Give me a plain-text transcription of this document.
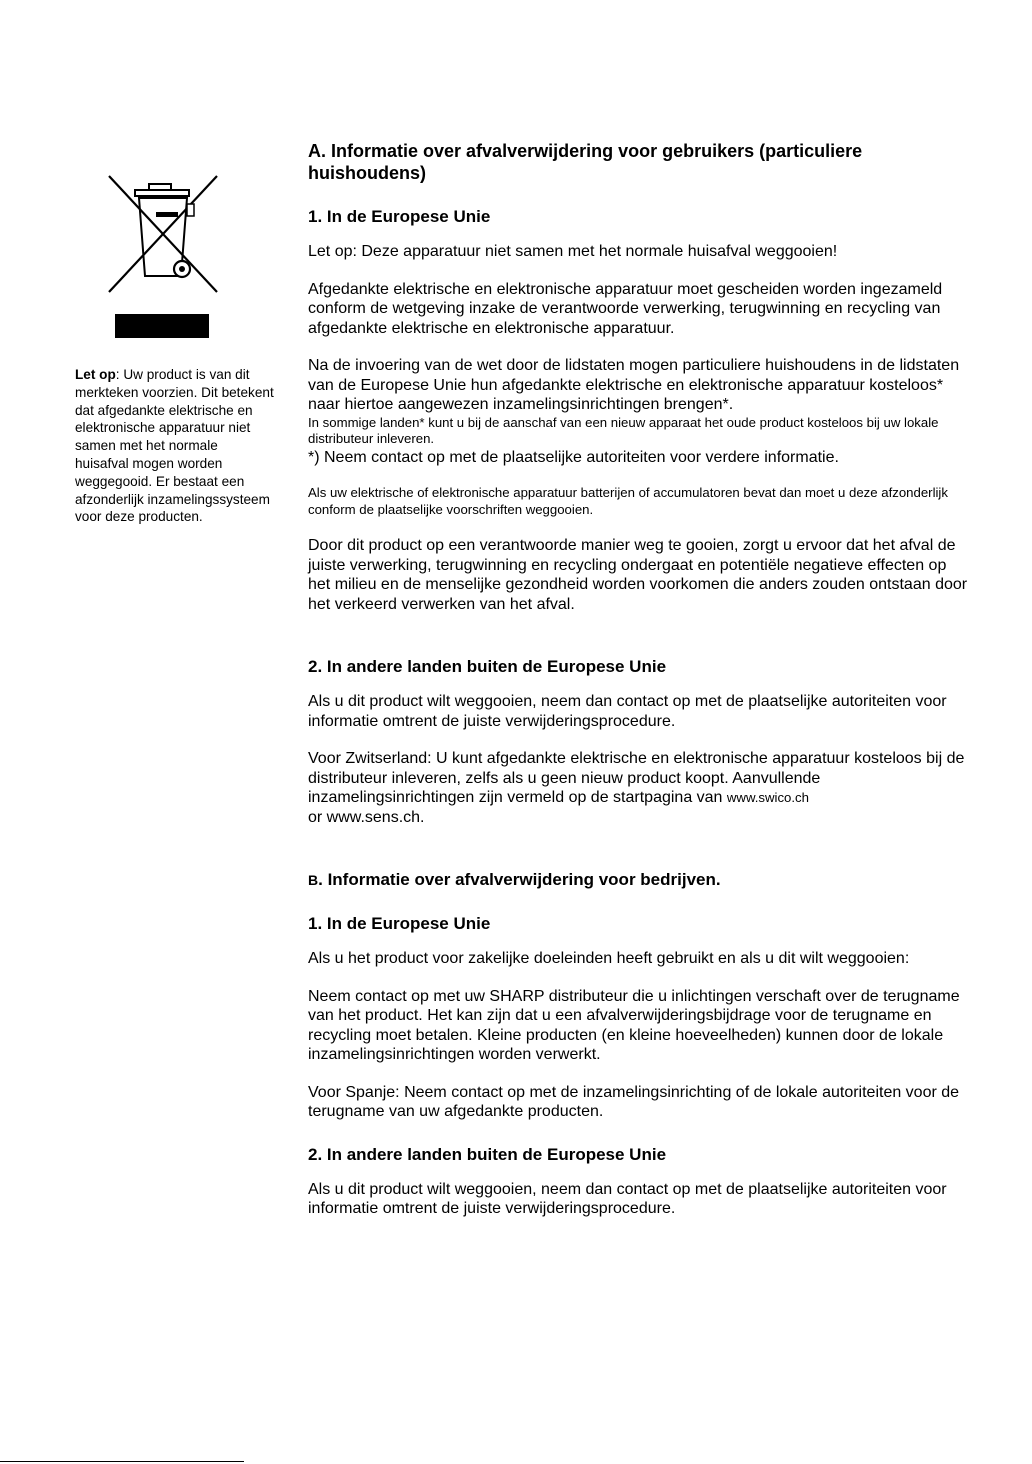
Let op: Uw product is van dit merkteken voorzien. Dit betekent dat afgedankte elektrische en elektronische apparatuur niet samen met het normale huisafval mogen worden weggegooid. Er bestaat een afzonderlijk inzamelingssysteem voor deze producten.
A. Informatie over afvalverwijdering voor gebruikers (particuliere huishoudens)
1. In de Europese Unie

Let op: Deze apparatuur niet samen met het normale huisafval weggooien!

Afgedankte elektrische en elektronische apparatuur moet gescheiden worden ingezameld conform de wetgeving inzake de verantwoorde verwerking, terugwinning en recycling van afgedankte elektrische en elektronische apparatuur.

Na de invoering van de wet door de lidstaten mogen particuliere huishoudens in de lidstaten van de Europese Unie hun afgedankte elektrische en elektronische apparatuur kosteloos* naar hiertoe aangewezen inzamelingsinrichtingen brengen*.

In sommige landen* kunt u bij de aanschaf van een nieuw apparaat het oude product kosteloos bij uw lokale distributeur inleveren.

*) Neem contact op met de plaatselijke autoriteiten voor verdere informatie.

Als uw elektrische of elektronische apparatuur batterijen of accumulatoren bevat dan moet u deze afzonderlijk conform de plaatselijke voorschriften weggooien.

Door dit product op een verantwoorde manier weg te gooien, zorgt u ervoor dat het afval de juiste verwerking, terugwinning en recycling ondergaat en potentiële negatieve effecten op het milieu en de menselijke gezondheid worden voorkomen die anders zouden ontstaan door het verkeerd verwerken van het afval.

2. In andere landen buiten de Europese Unie

Als u dit product wilt weggooien, neem dan contact op met de plaatselijke autoriteiten voor informatie omtrent de juiste verwijderingsprocedure.

Voor Zwitserland: U kunt afgedankte elektrische en elektronische apparatuur kosteloos bij de distributeur inleveren, zelfs als u geen nieuw product koopt. Aanvullende inzamelingsinrichtingen zijn vermeld op de startpagina van www.swico.ch
or www.sens.ch.

B. Informatie over afvalverwijdering voor bedrijven.
1. In de Europese Unie

Als u het product voor zakelijke doeleinden heeft gebruikt en als u dit wilt weggooien:

Neem contact op met uw SHARP distributeur die u inlichtingen verschaft over de terugname van het product. Het kan zijn dat u een afvalverwijderingsbijdrage voor de terugname en recycling moet betalen. Kleine producten (en kleine hoeveelheden) kunnen door de lokale inzamelingsinrichtingen worden verwerkt.

Voor Spanje: Neem contact op met de inzamelingsinrichting of de lokale autoriteiten voor de terugname van uw afgedankte producten.

2. In andere landen buiten de Europese Unie

Als u dit product wilt weggooien, neem dan contact op met de plaatselijke autoriteiten voor informatie omtrent de juiste verwijderingsprocedure.
